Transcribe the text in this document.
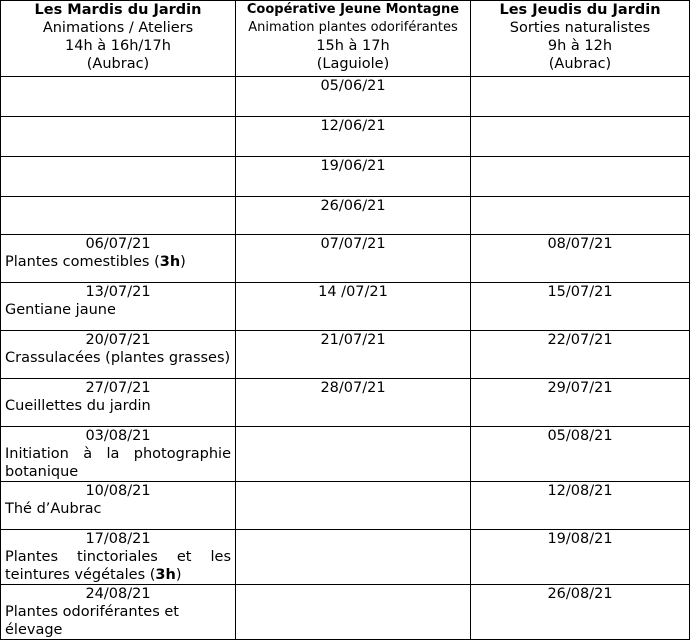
Les Mardis du Jardin
Animations / Ateliers
14h à 16h/17h
(Aubrac)	Coopérative Jeune Montagne
Animation plantes odoriférantes
15h à 17h
(Laguiole)	Les Jeudis du Jardin
Sorties naturalistes
9h à 12h
(Aubrac)

	05/06/21	

	12/06/21	

	19/06/21	

	26/06/21	

06/07/21
Plantes comestibles (3h)	07/07/21	08/07/21

13/07/21
Gentiane jaune	14 /07/21	15/07/21

20/07/21
Crassulacées (plantes grasses)	21/07/21	22/07/21

27/07/21
Cueillettes du jardin	28/07/21	29/07/21

03/08/21
Initiation à la photographie botanique		05/08/21

10/08/21
Thé d’Aubrac		12/08/21

17/08/21
Plantes tinctoriales et les teintures végétales (3h)		19/08/21

24/08/21
Plantes odoriférantes et élevage		26/08/21
